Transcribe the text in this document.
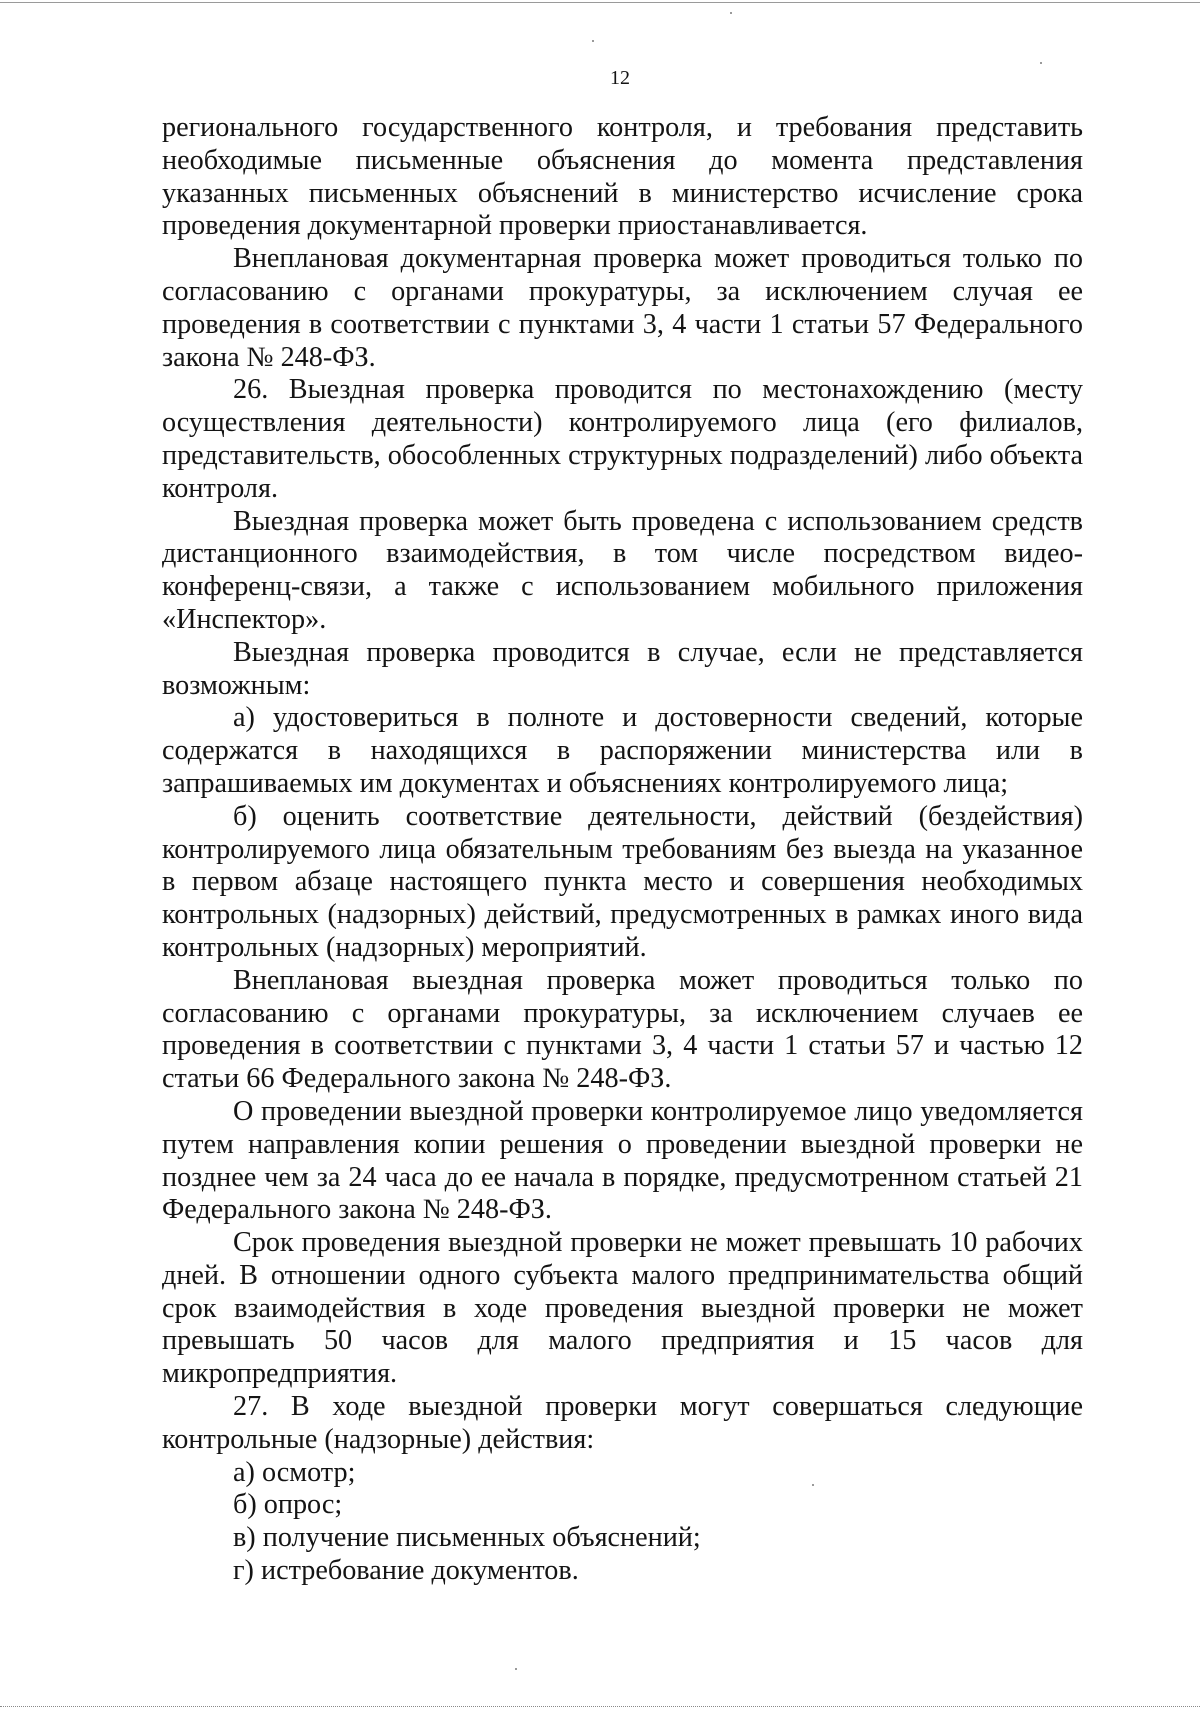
12

регионального государственного контроля, и требования представить необходимые письменные объяснения до момента представления указанных письменных объяснений в министерство исчисление срока проведения документарной проверки приостанавливается.

Внеплановая документарная проверка может проводиться только по согласованию с органами прокуратуры, за исключением случая ее проведения в соответствии с пунктами 3, 4 части 1 статьи 57 Федерального закона № 248-ФЗ.

26. Выездная проверка проводится по местонахождению (месту осуществления деятельности) контролируемого лица (его филиалов, представительств, обособленных структурных подразделений) либо объекта контроля.

Выездная проверка может быть проведена с использованием средств дистанционного взаимодействия, в том числе посредством видео-конференц-связи, а также с использованием мобильного приложения «Инспектор».

Выездная проверка проводится в случае, если не представляется возможным:

а) удостовериться в полноте и достоверности сведений, которые содержатся в находящихся в распоряжении министерства или в запрашиваемых им документах и объяснениях контролируемого лица;

б) оценить соответствие деятельности, действий (бездействия) контролируемого лица обязательным требованиям без выезда на указанное в первом абзаце настоящего пункта место и совершения необходимых контрольных (надзорных) действий, предусмотренных в рамках иного вида контрольных (надзорных) мероприятий.

Внеплановая выездная проверка может проводиться только по согласованию с органами прокуратуры, за исключением случаев ее проведения в соответствии с пунктами 3, 4 части 1 статьи 57 и частью 12 статьи 66 Федерального закона № 248-ФЗ.

О проведении выездной проверки контролируемое лицо уведомляется путем направления копии решения о проведении выездной проверки не позднее чем за 24 часа до ее начала в порядке, предусмотренном статьей 21 Федерального закона № 248-ФЗ.

Срок проведения выездной проверки не может превышать 10 рабочих дней. В отношении одного субъекта малого предпринимательства общий срок взаимодействия в ходе проведения выездной проверки не может превышать 50 часов для малого предприятия и 15 часов для микропредприятия.

27. В ходе выездной проверки могут совершаться следующие контрольные (надзорные) действия:

а) осмотр;

б) опрос;

в) получение письменных объяснений;

г) истребование документов.
